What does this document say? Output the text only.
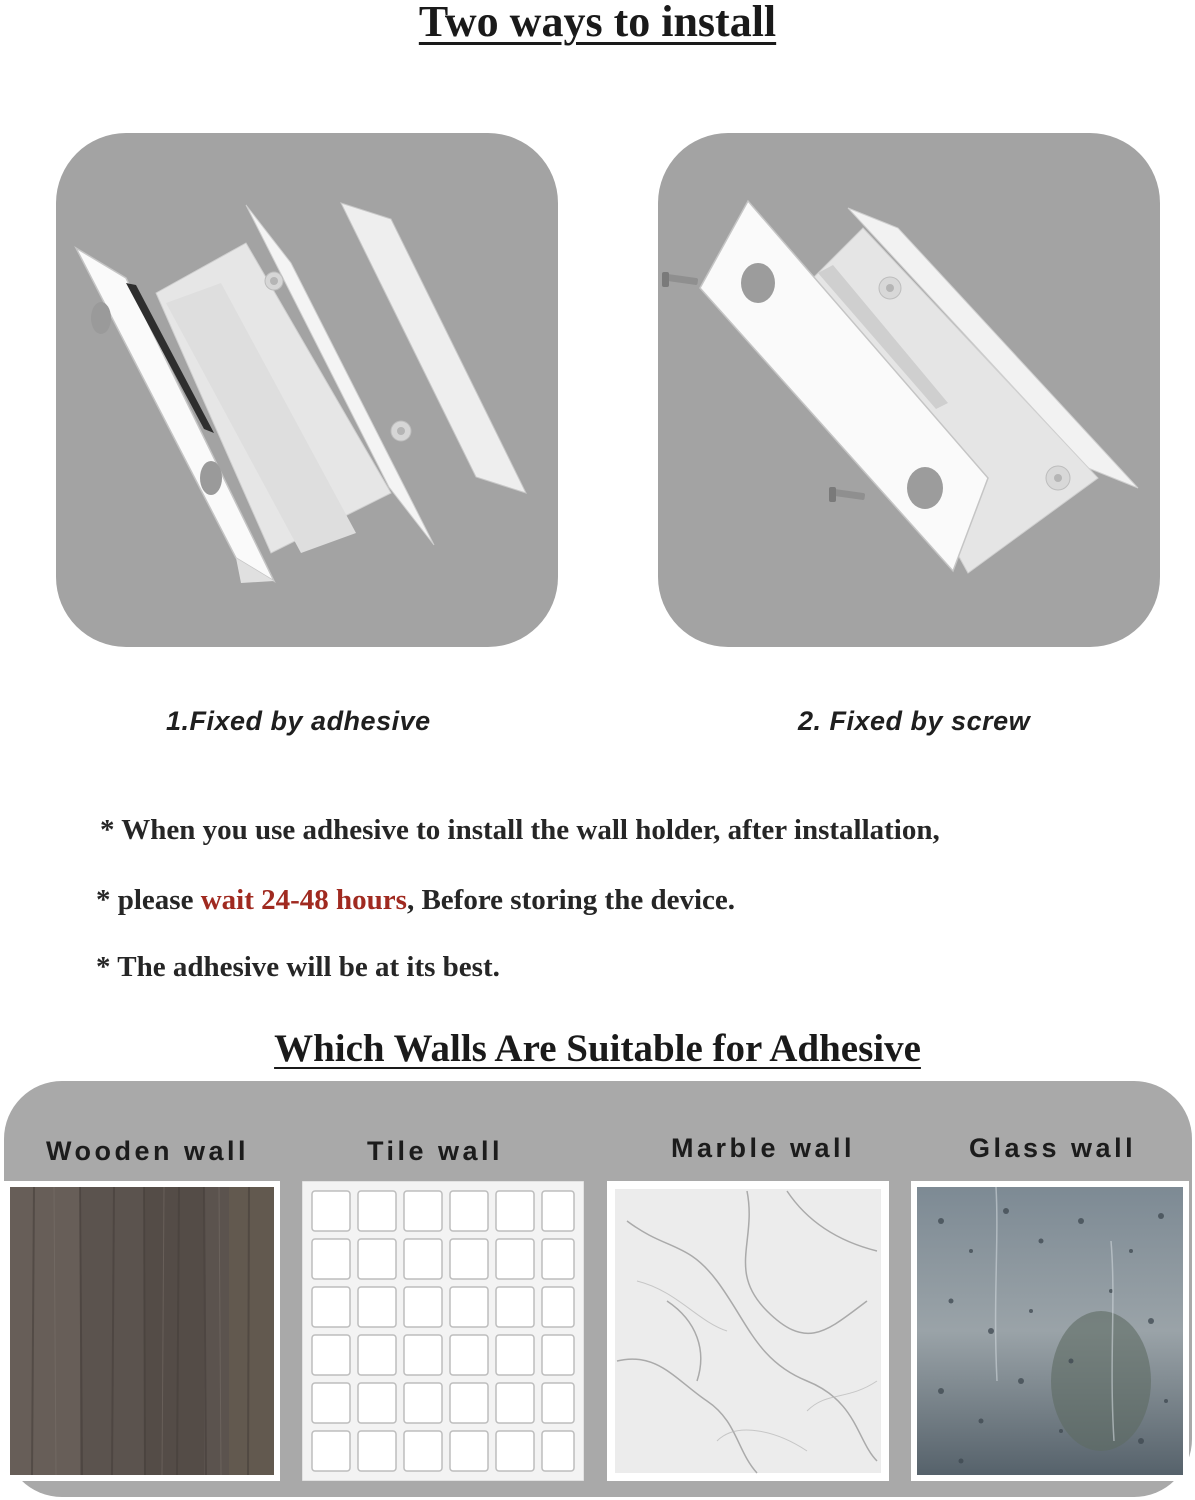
Two ways to install
1.Fixed by adhesive	2. Fixed by screw
* When you use adhesive to install the wall holder, after installation,
* please wait 24-48 hours, Before storing the device.
* The adhesive will be at its best.
Which Walls Are Suitable for Adhesive
Wooden wall	Tile wall	Marble wall	Glass wall
